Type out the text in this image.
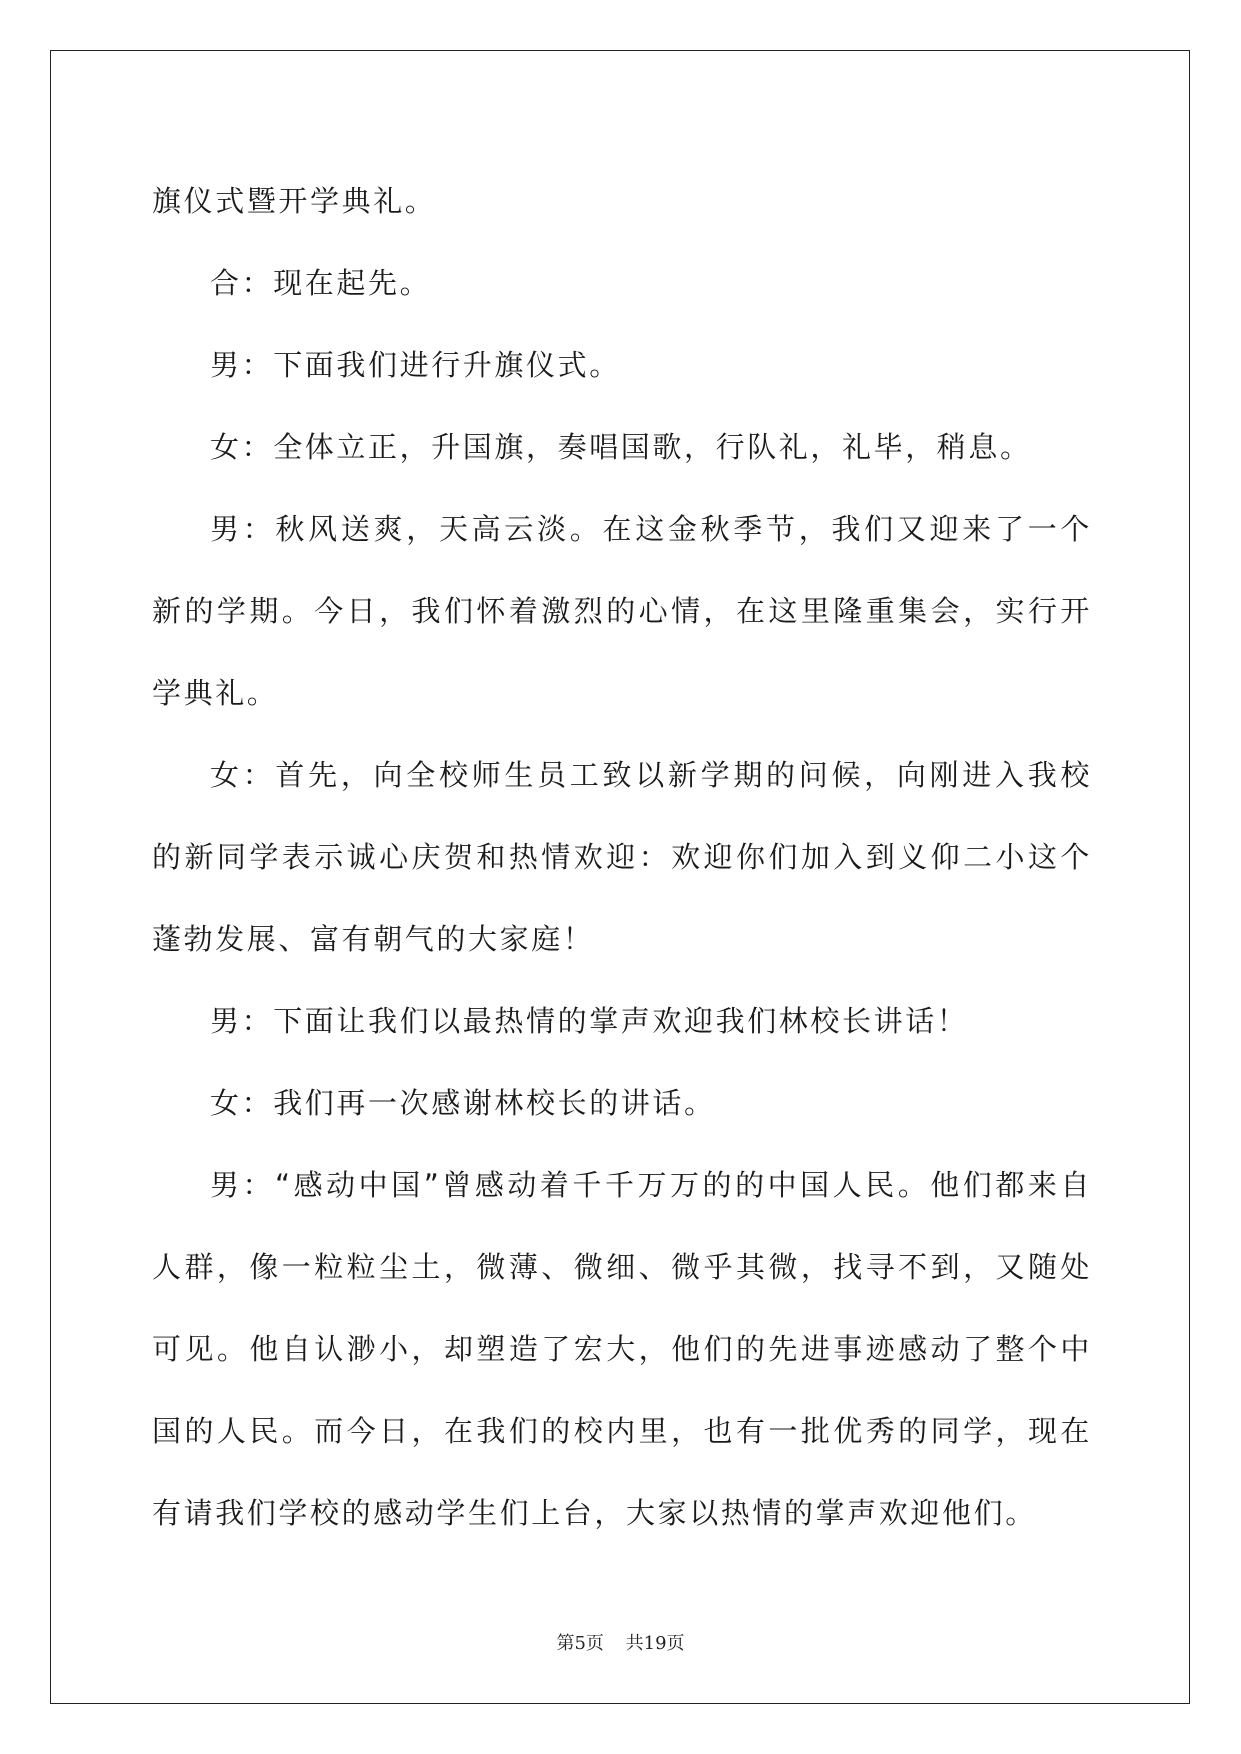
旗仪式暨开学典礼。

合：现在起先。

男：下面我们进行升旗仪式。

女：全体立正，升国旗，奏唱国歌，行队礼，礼毕，稍息。

男：秋风送爽，天高云淡。在这金秋季节，我们又迎来了一个新的学期。今日，我们怀着激烈的心情，在这里隆重集会，实行开学典礼。

女：首先，向全校师生员工致以新学期的问候，向刚进入我校的新同学表示诚心庆贺和热情欢迎：欢迎你们加入到义仰二小这个蓬勃发展、富有朝气的大家庭！

男：下面让我们以最热情的掌声欢迎我们林校长讲话！

女：我们再一次感谢林校长的讲话。

男：“感动中国”曾感动着千千万万的的中国人民。他们都来自人群，像一粒粒尘土，微薄、微细、微乎其微，找寻不到，又随处可见。他自认渺小，却塑造了宏大，他们的先进事迹感动了整个中国的人民。而今日，在我们的校内里，也有一批优秀的同学，现在有请我们学校的感动学生们上台，大家以热情的掌声欢迎他们。

第5页 共19页
